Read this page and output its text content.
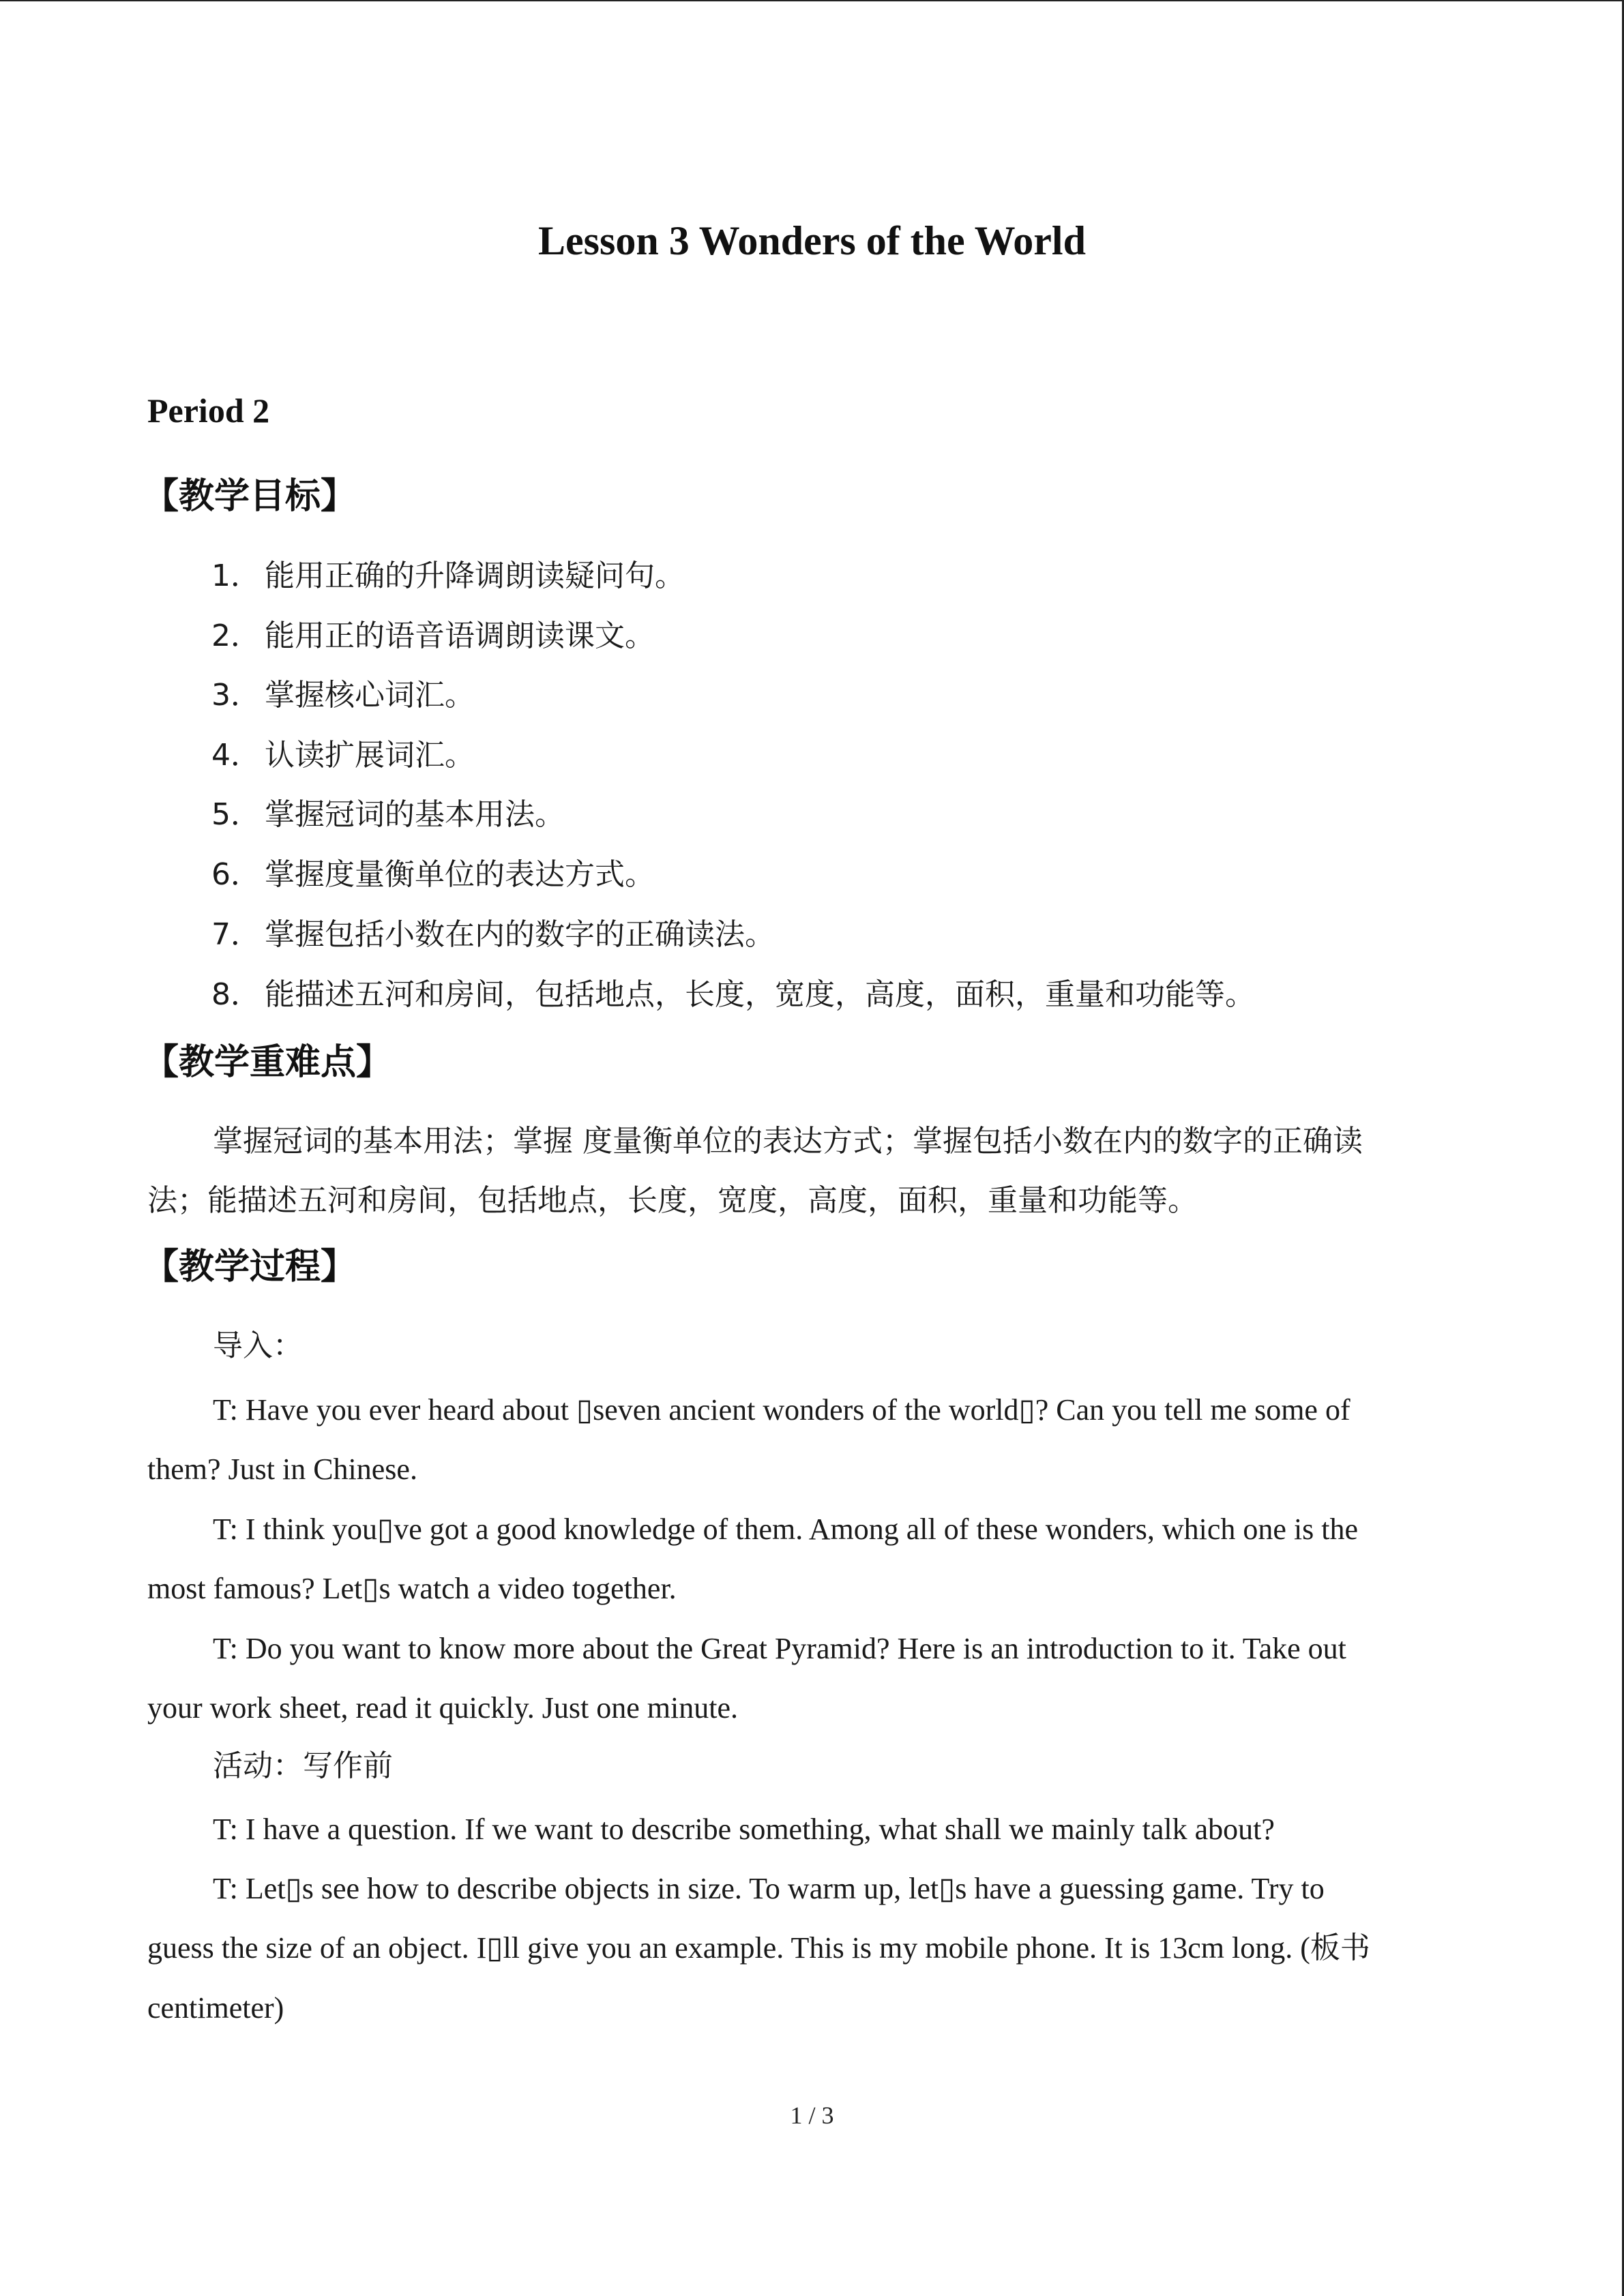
Lesson 3 Wonders of the World
Period 2
【教学目标】
1． 能用正确的升降调朗读疑问句。
2． 能用正的语音语调朗读课文。
3． 掌握核心词汇。
4． 认读扩展词汇。
5． 掌握冠词的基本用法。
6． 掌握度量衡单位的表达方式。
7． 掌握包括小数在内的数字的正确读法。
8． 能描述五河和房间，包括地点，长度，宽度，高度，面积，重量和功能等。
【教学重难点】
掌握冠词的基本用法；掌握 度量衡单位的表达方式；掌握包括小数在内的数字的正确读
法；能描述五河和房间，包括地点，长度，宽度，高度，面积，重量和功能等。
【教学过程】
导入：
T: Have you ever heard about ▯seven ancient wonders of the world▯? Can you tell me some of
them? Just in Chinese.
T: I think you▯ve got a good knowledge of them. Among all of these wonders, which one is the
most famous? Let▯s watch a video together.
T: Do you want to know more about the Great Pyramid? Here is an introduction to it. Take out
your work sheet, read it quickly. Just one minute.
活动：写作前
T: I have a question. If we want to describe something, what shall we mainly talk about?
T: Let▯s see how to describe objects in size. To warm up, let▯s have a guessing game. Try to
guess the size of an object. I▯ll give you an example. This is my mobile phone. It is 13cm long. (板书
centimeter)
1 / 3
